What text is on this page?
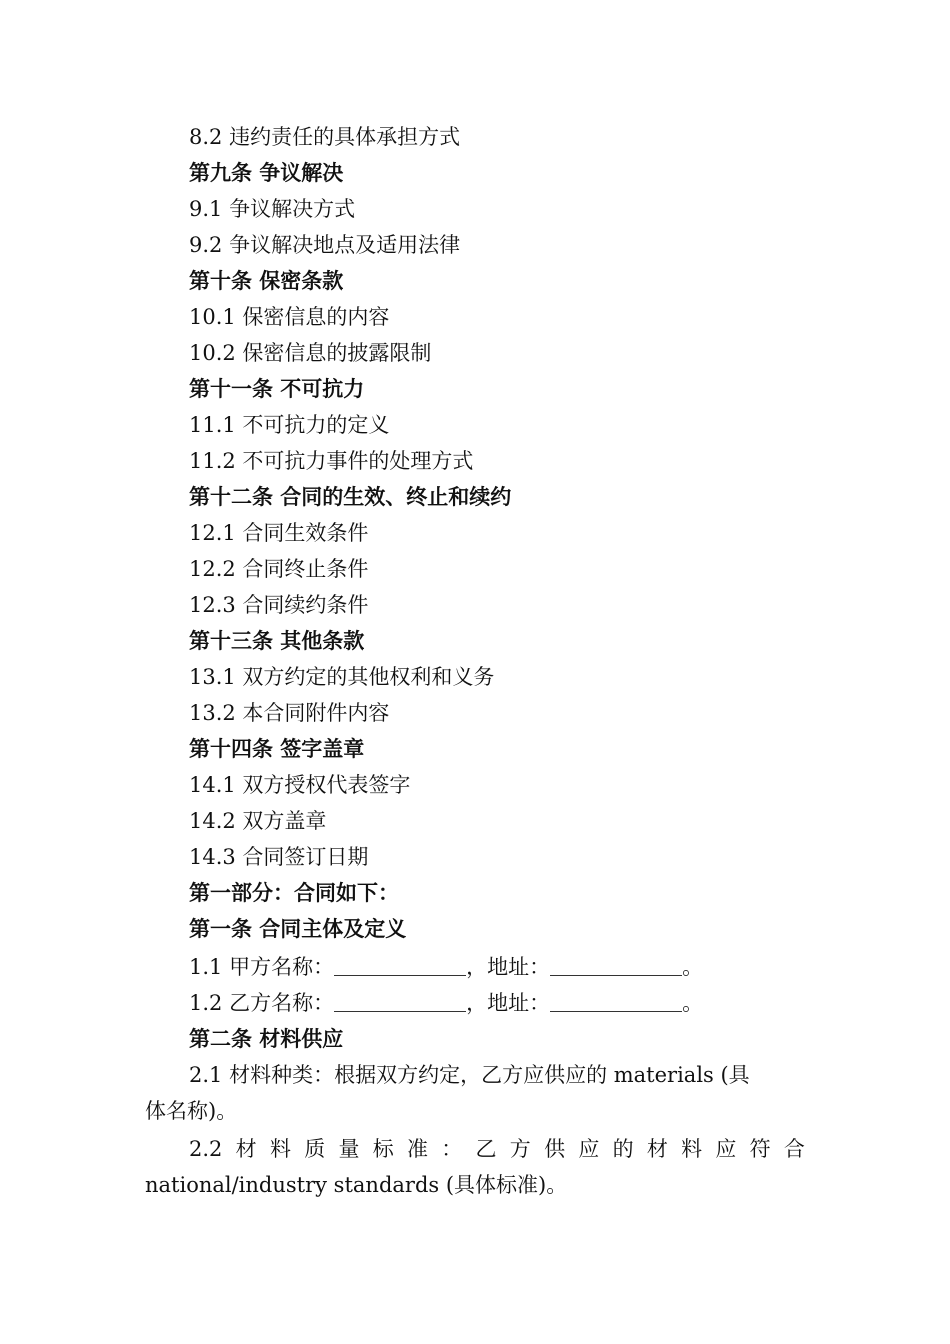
8.2 违约责任的具体承担方式
第九条 争议解决
9.1 争议解决方式
9.2 争议解决地点及适用法律
第十条 保密条款
10.1 保密信息的内容
10.2 保密信息的披露限制
第十一条 不可抗力
11.1 不可抗力的定义
11.2 不可抗力事件的处理方式
第十二条 合同的生效、终止和续约
12.1 合同生效条件
12.2 合同终止条件
12.3 合同续约条件
第十三条 其他条款
13.1 双方约定的其他权利和义务
13.2 本合同附件内容
第十四条 签字盖章
14.1 双方授权代表签字
14.2 双方盖章
14.3 合同签订日期
第一部分：合同如下：
第一条 合同主体及定义
1.1 甲方名称：	，地址：	。
1.2 乙方名称：	，地址：	。
第二条 材料供应
2.1 材料种类：根据双方约定，乙方应供应的 materials (具
体名称)。
2.2 材 料 质 量 标 准 ： 乙 方 供 应 的 材 料 应 符 合
national/industry standards (具体标准)。
